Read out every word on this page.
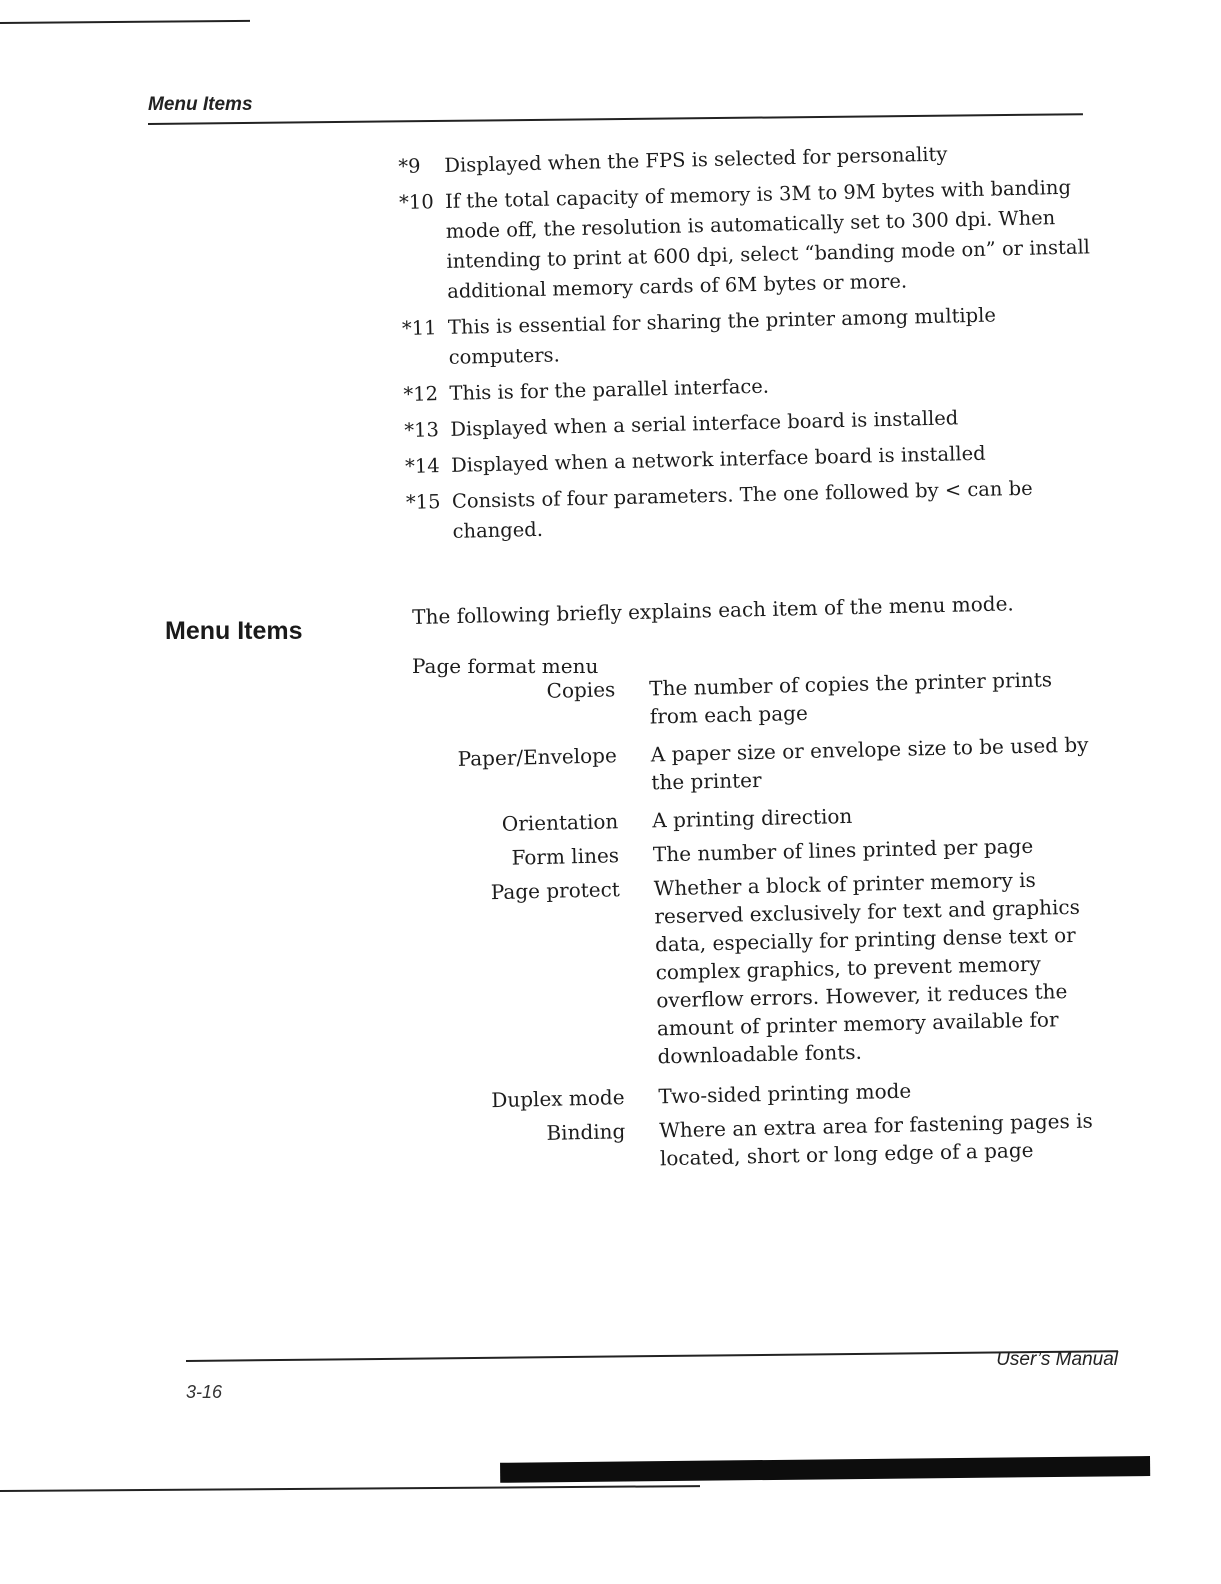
Menu Items
*9	Displayed when the FPS is selected for personality
*10 If the total capacity of memory is 3M to 9M bytes with banding mode off, the resolution is automatically set to 300 dpi. When intending to print at 600 dpi, select “banding mode on” or install additional memory cards of 6M bytes or more.
*11 This is essential for sharing the printer among multiple computers.
*12 This is for the parallel interface.
*13 Displayed when a serial interface board is installed
*14 Displayed when a network interface board is installed
*15 Consists of four parameters. The one followed by < can be changed.
Menu Items
The following briefly explains each item of the menu mode.
Page format menu
Copies	The number of copies the printer prints from each page
Paper/Envelope	A paper size or envelope size to be used by the printer
Orientation	A printing direction
Form lines	The number of lines printed per page
Page protect	Whether a block of printer memory is reserved exclusively for text and graphics data, especially for printing dense text or complex graphics, to prevent memory overflow errors. However, it reduces the amount of printer memory available for downloadable fonts.
Duplex mode	Two-sided printing mode
Binding	Where an extra area for fastening pages is located, short or long edge of a page
User’s Manual
3-16
